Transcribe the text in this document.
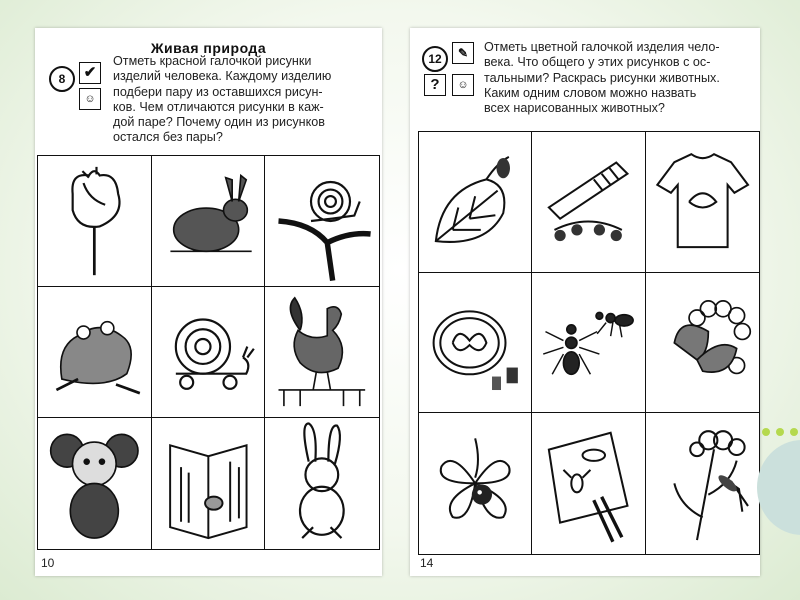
Живая природа
8	✔
☺
Отметь красной галочкой рисунки
изделий человека. Каждому изделию
подбери пару из оставшихся рисун-
ков. Чем отличаются рисунки в каж-
дой паре? Почему один из рисунков
остался без пары?
10
12	✎
?	☺
Отметь цветной галочкой изделия чело-
века. Что общего у этих рисунков с ос-
тальными? Раскрась рисунки животных.
Каким одним словом можно назвать
всех нарисованных животных?
14
